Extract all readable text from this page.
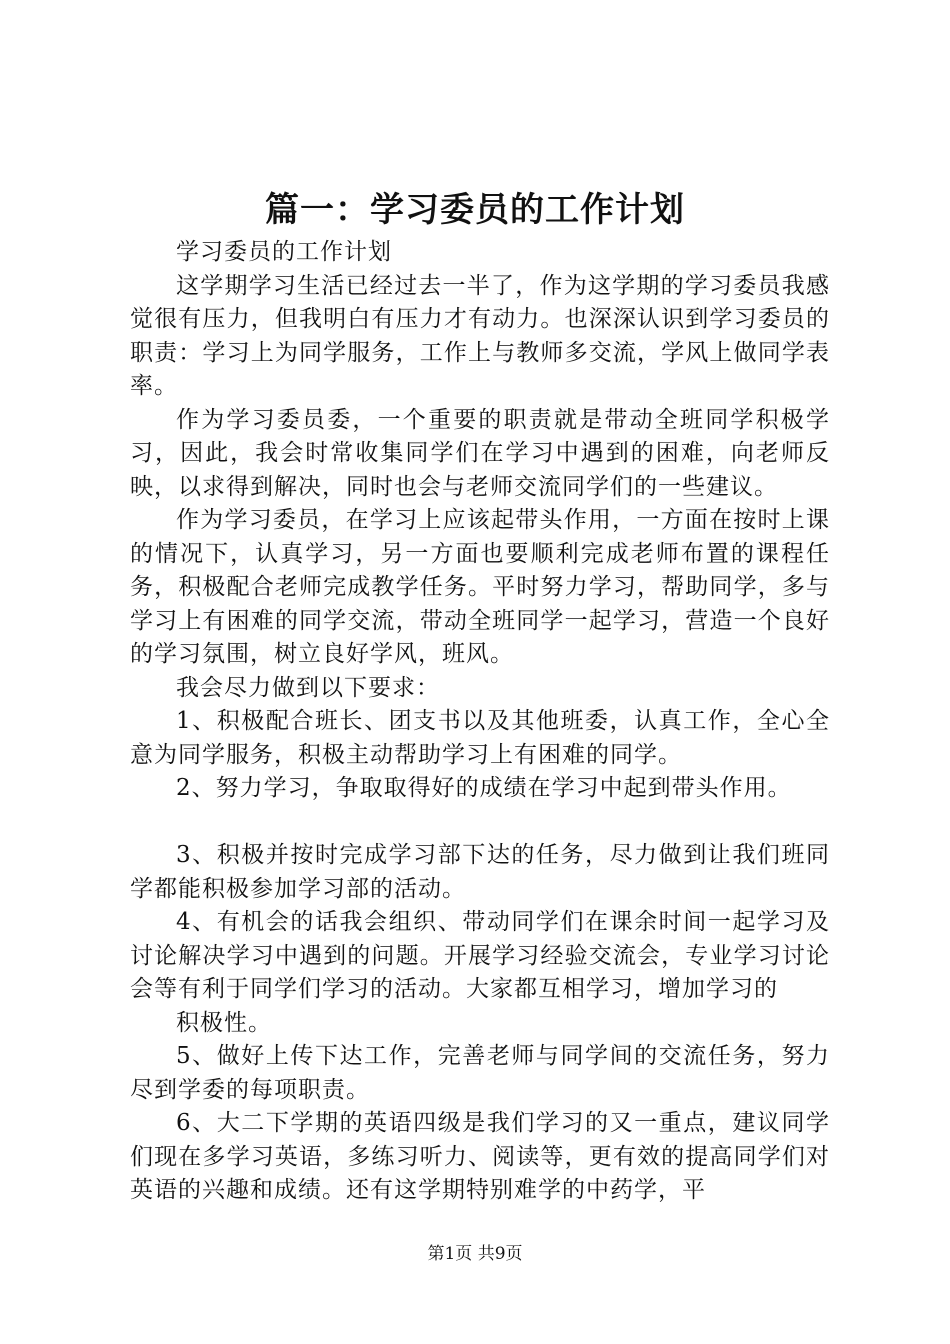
篇一：学习委员的工作计划

学习委员的工作计划

这学期学习生活已经过去一半了，作为这学期的学习委员我感觉很有压力，但我明白有压力才有动力。也深深认识到学习委员的职责：学习上为同学服务，工作上与教师多交流，学风上做同学表率。

作为学习委员委，一个重要的职责就是带动全班同学积极学习，因此，我会时常收集同学们在学习中遇到的困难，向老师反映，以求得到解决，同时也会与老师交流同学们的一些建议。

作为学习委员，在学习上应该起带头作用，一方面在按时上课的情况下，认真学习，另一方面也要顺利完成老师布置的课程任务，积极配合老师完成教学任务。平时努力学习，帮助同学，多与学习上有困难的同学交流，带动全班同学一起学习，营造一个良好的学习氛围，树立良好学风，班风。

我会尽力做到以下要求：

1、积极配合班长、团支书以及其他班委，认真工作，全心全意为同学服务，积极主动帮助学习上有困难的同学。

2、努力学习，争取取得好的成绩在学习中起到带头作用。

3、积极并按时完成学习部下达的任务，尽力做到让我们班同学都能积极参加学习部的活动。

4、有机会的话我会组织、带动同学们在课余时间一起学习及讨论解决学习中遇到的问题。开展学习经验交流会，专业学习讨论会等有利于同学们学习的活动。大家都互相学习，增加学习的

积极性。

5、做好上传下达工作，完善老师与同学间的交流任务，努力尽到学委的每项职责。

6、大二下学期的英语四级是我们学习的又一重点，建议同学们现在多学习英语，多练习听力、阅读等，更有效的提高同学们对英语的兴趣和成绩。还有这学期特别难学的中药学，平

第1页 共9页
